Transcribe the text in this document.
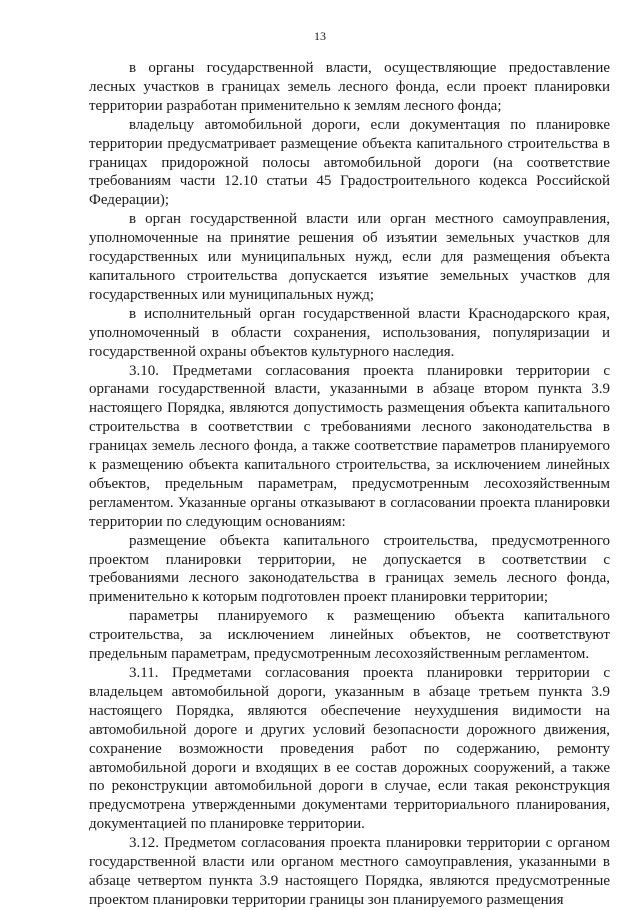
13

в органы государственной власти, осуществляющие предоставление лесных участков в границах земель лесного фонда, если проект планировки территории разработан применительно к землям лесного фонда;

владельцу автомобильной дороги, если документация по планировке территории предусматривает размещение объекта капитального строительства в границах придорожной полосы автомобильной дороги (на соответствие требованиям части 12.10 статьи 45 Градостроительного кодекса Российской Федерации);

в орган государственной власти или орган местного самоуправления, уполномоченные на принятие решения об изъятии земельных участков для государственных или муниципальных нужд, если для размещения объекта капитального строительства допускается изъятие земельных участков для государственных или муниципальных нужд;

в исполнительный орган государственной власти Краснодарского края, уполномоченный в области сохранения, использования, популяризации и государственной охраны объектов культурного наследия.

3.10. Предметами согласования проекта планировки территории с органами государственной власти, указанными в абзаце втором пункта 3.9 настоящего Порядка, являются допустимость размещения объекта капитального строительства в соответствии с требованиями лесного законодательства в границах земель лесного фонда, а также соответствие параметров планируемого к размещению объекта капитального строительства, за исключением линейных объектов, предельным параметрам, предусмотренным лесохозяйственным регламентом. Указанные органы отказывают в согласовании проекта планировки территории по следующим основаниям:

размещение объекта капитального строительства, предусмотренного проектом планировки территории, не допускается в соответствии с требованиями лесного законодательства в границах земель лесного фонда, применительно к которым подготовлен проект планировки территории;

параметры планируемого к размещению объекта капитального строительства, за исключением линейных объектов, не соответствуют предельным параметрам, предусмотренным лесохозяйственным регламентом.

3.11. Предметами согласования проекта планировки территории с владельцем автомобильной дороги, указанным в абзаце третьем пункта 3.9 настоящего Порядка, являются обеспечение неухудшения видимости на автомобильной дороге и других условий безопасности дорожного движения, сохранение возможности проведения работ по содержанию, ремонту автомобильной дороги и входящих в ее состав дорожных сооружений, а также по реконструкции автомобильной дороги в случае, если такая реконструкция предусмотрена утвержденными документами территориального планирования, документацией по планировке территории.

3.12. Предметом согласования проекта планировки территории с органом государственной власти или органом местного самоуправления, указанными в абзаце четвертом пункта 3.9 настоящего Порядка, являются предусмотренные проектом планировки территории границы зон планируемого размещения
